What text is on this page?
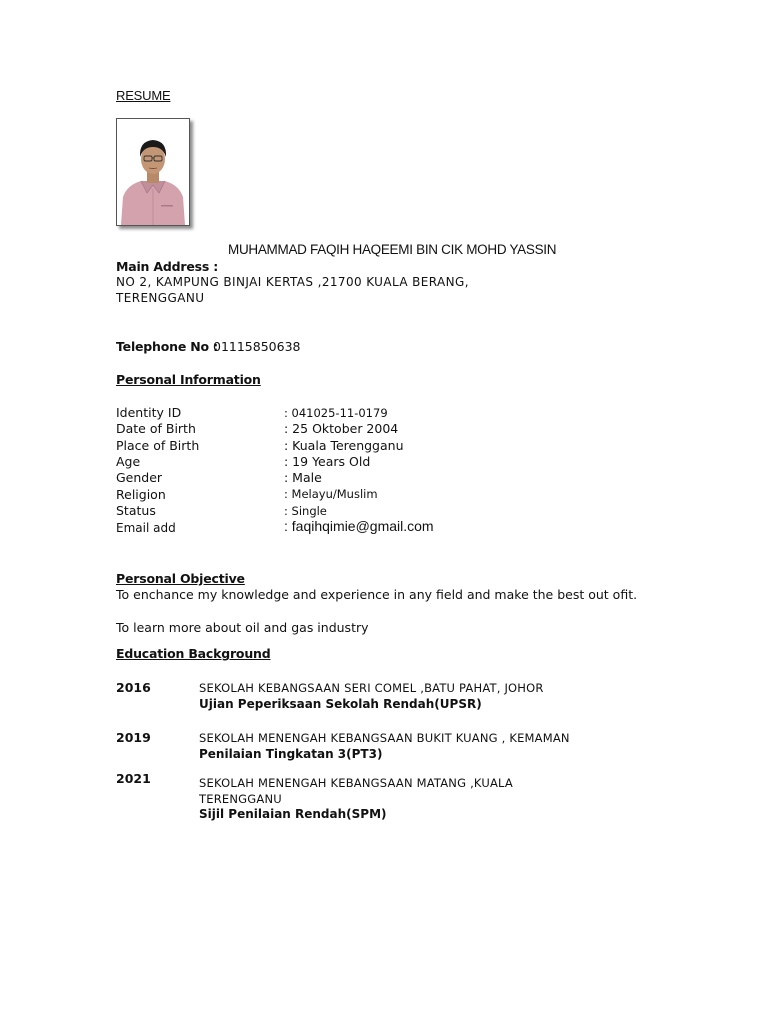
RESUME
MUHAMMAD FAQIH HAQEEMI BIN CIK MOHD YASSIN
Main Address :
NO 2, KAMPUNG BINJAI KERTAS ,21700 KUALA BERANG,
TERENGGANU
Telephone No :
01115850638
Personal Information
Identity ID	: 041025-11-0179
Date of Birth	: 25 Oktober 2004
Place of Birth	: Kuala Terengganu
Age	: 19 Years Old
Gender	: Male
Religion	: Melayu/Muslim
Status	: Single
Email add	: faqihqimie@gmail.com
Personal Objective
To enchance my knowledge and experience in any field and make the best out ofit.
To learn more about oil and gas industry
Education Background
2016	SEKOLAH KEBANGSAAN SERI COMEL ,BATU PAHAT, JOHOR
Ujian Peperiksaan Sekolah Rendah(UPSR)
2019	SEKOLAH MENENGAH KEBANGSAAN BUKIT KUANG , KEMAMAN
Penilaian Tingkatan 3(PT3)
2021	SEKOLAH MENENGAH KEBANGSAAN MATANG ,KUALA
TERENGGANU
Sijil Penilaian Rendah(SPM)
